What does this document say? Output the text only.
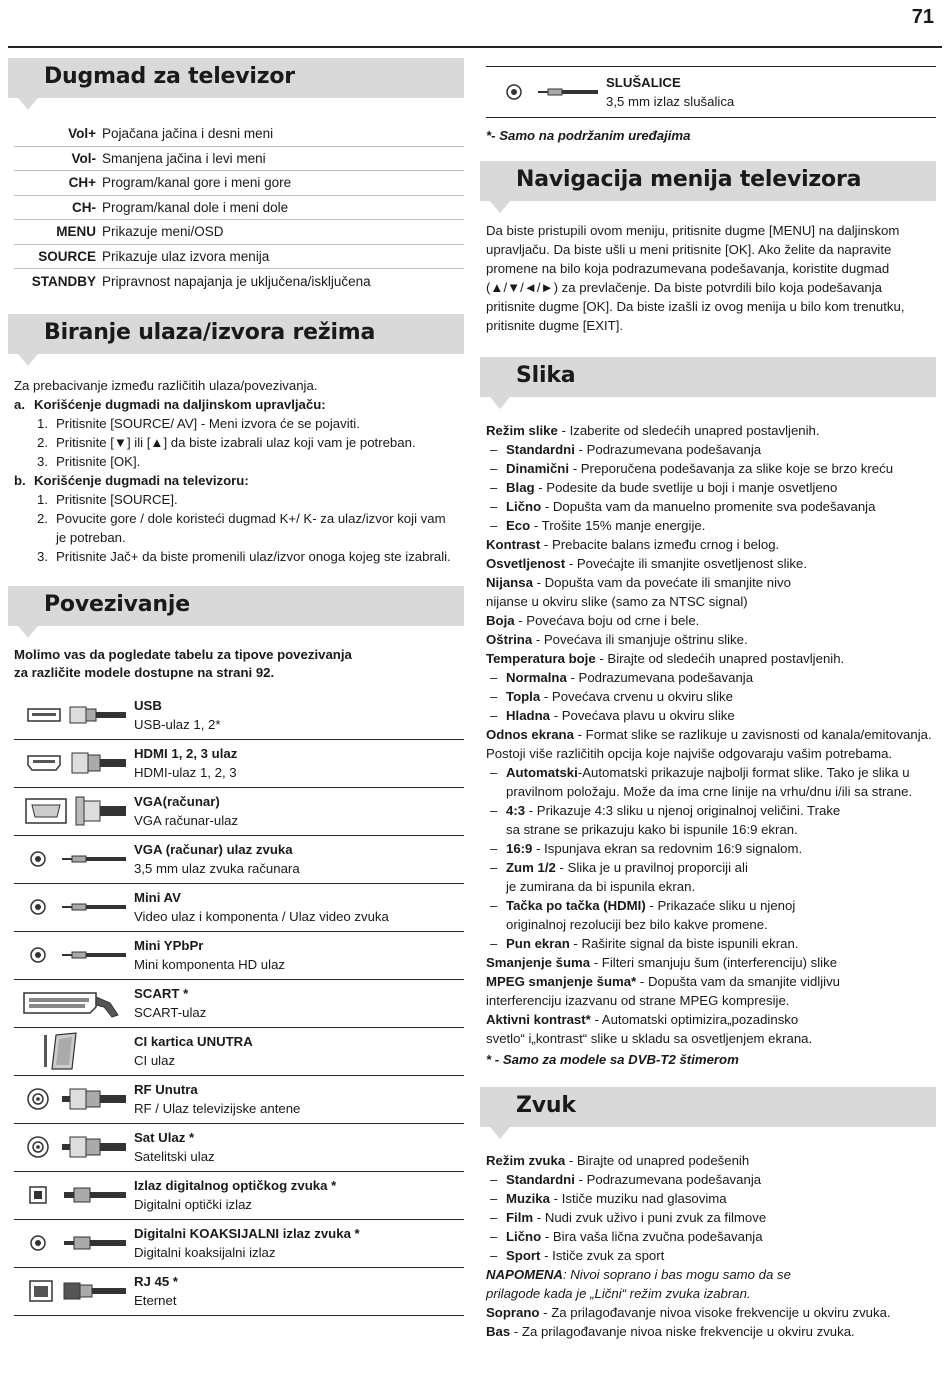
71
Dugmad za televizor
Vol+ Pojačana jačina i desni meni
Vol- Smanjena jačina i levi meni
CH+ Program/kanal gore i meni gore
CH- Program/kanal dole i meni dole
MENU Prikazuje meni/OSD
SOURCE Prikazuje ulaz izvora menija
STANDBY Pripravnost napajanja je uključena/isključena
Biranje ulaza/izvora režima
Za prebacivanje između različitih ulaza/povezivanja.
a. Korišćenje dugmadi na daljinskom upravljaču:
1. Pritisnite [SOURCE/ AV] - Meni izvora će se pojaviti.
2. Pritisnite [▼] ili [▲] da biste izabrali ulaz koji vam je potreban.
3. Pritisnite [OK].
b. Korišćenje dugmadi na televizoru:
1. Pritisnite [SOURCE].
2. Povucite gore / dole koristeći dugmad K+/ K- za ulaz/izvor koji vam
je potreban.
3. Pritisnite Jač+ da biste promenili ulaz/izvor onoga kojeg ste izabrali.
Povezivanje
Molimo vas da pogledate tabelu za tipove povezivanja
za različite modele dostupne na strani 92.
USB
USB-ulaz 1, 2*
HDMI 1, 2, 3 ulaz
HDMI-ulaz 1, 2, 3
VGA(računar)
VGA računar-ulaz
VGA (računar) ulaz zvuka
3,5 mm ulaz zvuka računara
Mini AV
Video ulaz i komponenta / Ulaz video zvuka
Mini YPbPr
Mini komponenta HD ulaz
SCART *
SCART-ulaz
CI kartica UNUTRA
CI ulaz
RF Unutra
RF / Ulaz televizijske antene
Sat Ulaz *
Satelitski ulaz
Izlaz digitalnog optičkog zvuka *
Digitalni optički izlaz
Digitalni KOAKSIJALNI izlaz zvuka *
Digitalni koaksijalni izlaz
RJ 45 *
Eternet
SLUŠALICE
3,5 mm izlaz slušalica
*- Samo na podržanim uređajima
Navigacija menija televizora
Da biste pristupili ovom meniju, pritisnite dugme [MENU] na daljinskom
upravljaču. Da biste ušli u meni pritisnite [OK]. Ako želite da napravite
promene na bilo koja podrazumevana podešavanja, koristite dugmad
(▲/▼/◄/►) za prevlačenje. Da biste potvrdili bilo koja podešavanja
pritisnite dugme [OK]. Da biste izašli iz ovog menija u bilo kom trenutku,
pritisnite dugme [EXIT].
Slika
Režim slike - Izaberite od sledećih unapred postavljenih.
– Standardni - Podrazumevana podešavanja
– Dinamični - Preporučena podešavanja za slike koje se brzo kreću
– Blag - Podesite da bude svetlije u boji i manje osvetljeno
– Lično - Dopušta vam da manuelno promenite sva podešavanja
– Eco - Trošite 15% manje energije.
Kontrast - Prebacite balans između crnog i belog.
Osvetljenost - Povećajte ili smanjite osvetljenost slike.
Nijansa - Dopušta vam da povećate ili smanjite nivo
nijanse u okviru slike (samo za NTSC signal)
Boja - Povećava boju od crne i bele.
Oštrina - Povećava ili smanjuje oštrinu slike.
Temperatura boje - Birajte od sledećih unapred postavljenih.
– Normalna - Podrazumevana podešavanja
– Topla - Povećava crvenu u okviru slike
– Hladna - Povećava plavu u okviru slike
Odnos ekrana - Format slike se razlikuje u zavisnosti od kanala/emitovanja.
Postoji više različitih opcija koje najviše odgovaraju vašim potrebama.
– Automatski-Automatski prikazuje najbolji format slike. Tako je slika u
pravilnom položaju. Može da ima crne linije na vrhu/dnu i/ili sa strane.
– 4:3 - Prikazuje 4:3 sliku u njenoj originalnoj veličini. Trake
sa strane se prikazuju kako bi ispunile 16:9 ekran.
– 16:9 - Ispunjava ekran sa redovnim 16:9 signalom.
– Zum 1/2 - Slika je u pravilnoj proporciji ali
je zumirana da bi ispunila ekran.
– Tačka po tačka (HDMI) - Prikazaće sliku u njenoj
originalnoj rezoluciji bez bilo kakve promene.
– Pun ekran - Raširite signal da biste ispunili ekran.
Smanjenje šuma - Filteri smanjuju šum (interferenciju) slike
MPEG smanjenje šuma* - Dopušta vam da smanjite vidljivu
interferenciju izazvanu od strane MPEG kompresije.
Aktivni kontrast* - Automatski optimizira„pozadinsko
svetlo“ i„kontrast“ slike u skladu sa osvetljenjem ekrana.
* - Samo za modele sa DVB-T2 štimerom
Zvuk
Režim zvuka - Birajte od unapred podešenih
– Standardni - Podrazumevana podešavanja
– Muzika - Ističe muziku nad glasovima
– Film - Nudi zvuk uživo i puni zvuk za filmove
– Lično - Bira vaša lična zvučna podešavanja
– Sport - Ističe zvuk za sport
NAPOMENA: Nivoi soprano i bas mogu samo da se
prilagode kada je „Lični“ režim zvuka izabran.
Soprano - Za prilagođavanje nivoa visoke frekvencije u okviru zvuka.
Bas - Za prilagođavanje nivoa niske frekvencije u okviru zvuka.
